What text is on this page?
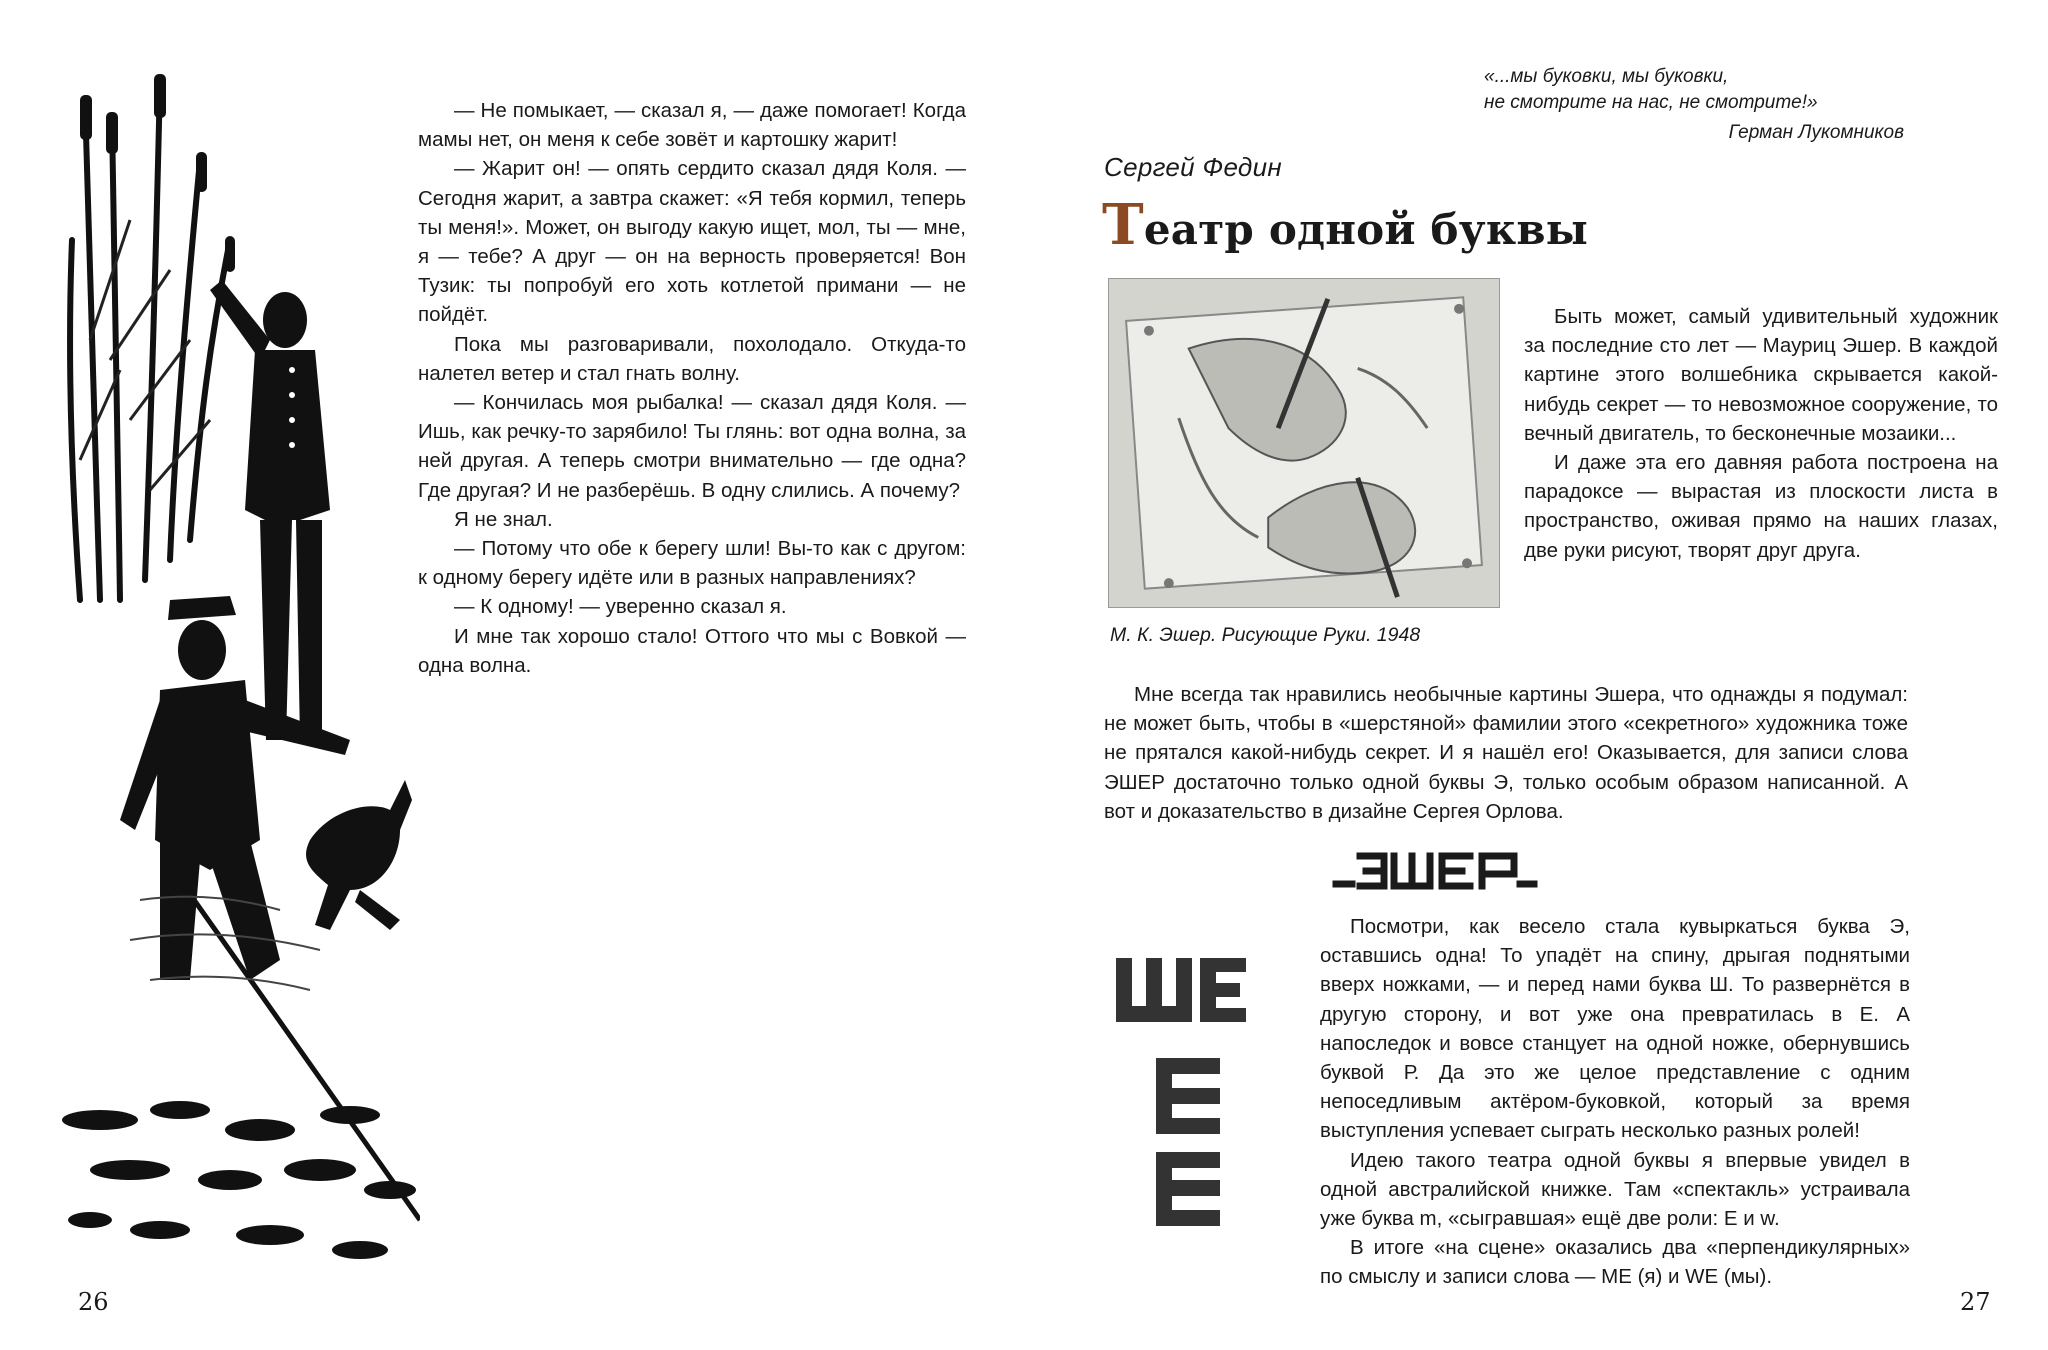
— Не помыкает, — сказал я, — даже помогает! Когда мамы нет, он меня к себе зовёт и картошку жарит!

— Жарит он! — опять сердито сказал дядя Коля. — Сегодня жарит, а завтра скажет: «Я тебя кормил, теперь ты меня!». Может, он выгоду какую ищет, мол, ты — мне, я — тебе? А друг — он на верность проверяется! Вон Тузик: ты попробуй его хоть котлетой примани — не пойдёт.

Пока мы разговаривали, похолодало. Откуда-то налетел ветер и стал гнать волну.

— Кончилась моя рыбалка! — сказал дядя Коля. — Ишь, как речку-то зарябило! Ты глянь: вот одна волна, за ней другая. А теперь смотри внимательно — где одна? Где другая? И не разберёшь. В одну слились. А почему?

Я не знал.

— Потому что обе к берегу шли! Вы-то как с другом: к одному берегу идёте или в разных направлениях?

— К одному! — уверенно сказал я.

И мне так хорошо стало! Оттого что мы с Вовкой — одна волна.

26
«...мы буковки, мы буковки,
не смотрите на нас, не смотрите!»
Герман Лукомников
Сергей Федин
Театр одной буквы
М. К. Эшер. Рисующие Руки. 1948

Быть может, самый удивительный художник за последние сто лет — Мауриц Эшер. В каждой картине этого волшебника скрывается какой-нибудь секрет — то невозможное сооружение, то вечный двигатель, то бесконечные мозаики...

И даже эта его давняя работа построена на парадоксе — вырастая из плоскости листа в пространство, оживая прямо на наших глазах, две руки рисуют, творят друг друга.

Мне всегда так нравились необычные картины Эшера, что однажды я подумал: не может быть, чтобы в «шерстяной» фамилии этого «секретного» художника тоже не прятался какой-нибудь секрет. И я нашёл его! Оказывается, для записи слова ЭШЕР достаточно только одной буквы Э, только особым образом написанной. А вот и доказательство в дизайне Сергея Орлова.

Посмотри, как весело стала кувыркаться буква Э, оставшись одна! То упадёт на спину, дрыгая поднятыми вверх ножками, — и перед нами буква Ш. То развернётся в другую сторону, и вот уже она превратилась в Е. А напоследок и вовсе станцует на одной ножке, обернувшись буквой Р. Да это же целое представление с одним непоседливым актёром-буковкой, который за время выступления успевает сыграть несколько разных ролей!

Идею такого театра одной буквы я впервые увидел в одной австралийской книжке. Там «спектакль» устраивала уже буква m, «сыгравшая» ещё две роли: E и w.

В итоге «на сцене» оказались два «перпендикулярных» по смыслу и записи слова — ME (я) и WE (мы).

27
